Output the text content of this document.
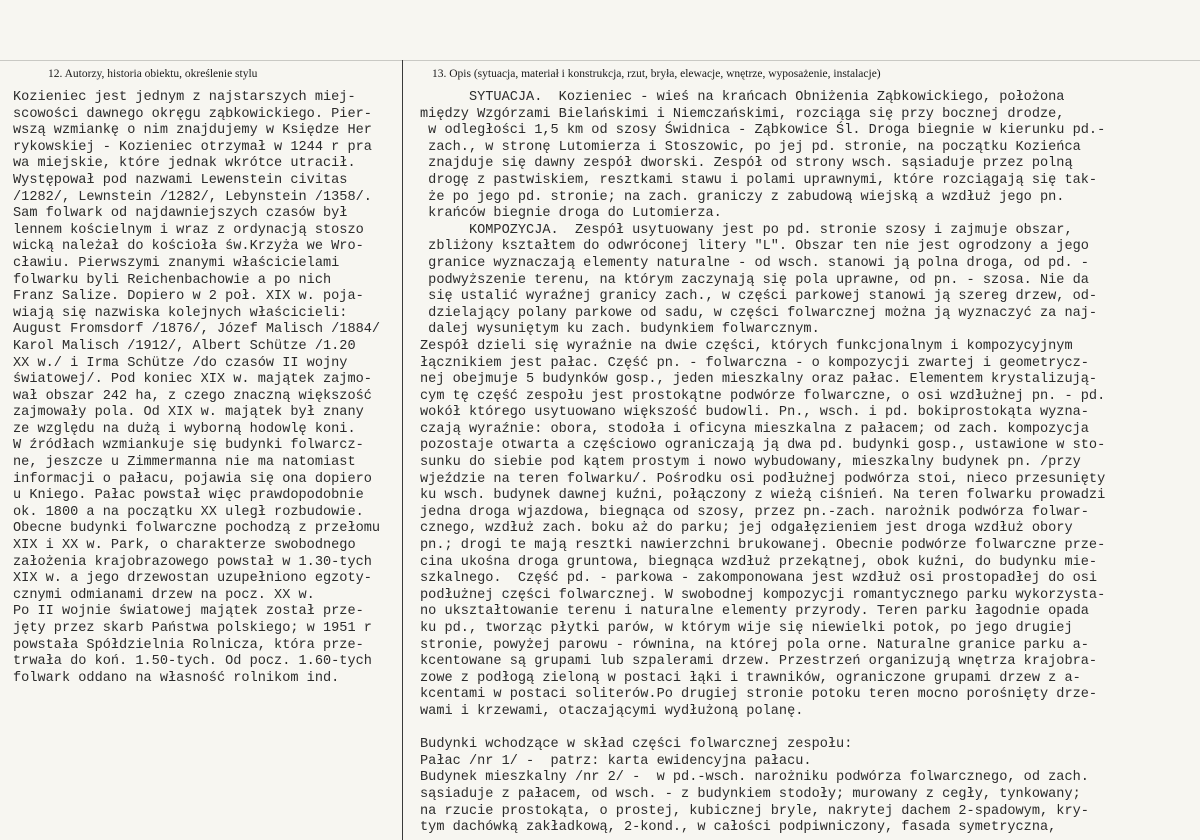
12. Autorzy, historia obiektu, określenie stylu	13. Opis (sytuacja, materiał i konstrukcja, rzut, bryła, elewacje, wnętrze, wyposażenie, instalacje)
Kozieniec jest jednym z najstarszych miej-
scowości dawnego okręgu ząbkowickiego. Pier-
wszą wzmiankę o nim znajdujemy w Księdze Her
rykowskiej - Kozieniec otrzymał w 1244 r pra
wa miejskie, które jednak wkrótce utracił.
Występował pod nazwami Lewenstein civitas
/1282/, Lewnstein /1282/, Lebynstein /1358/.
Sam folwark od najdawniejszych czasów był
lennem kościelnym i wraz z ordynacją stoszo
wicką należał do kościoła św.Krzyża we Wro-
cławiu. Pierwszymi znanymi właścicielami
folwarku byli Reichenbachowie a po nich
Franz Salize. Dopiero w 2 poł. XIX w. poja-
wiają się nazwiska kolejnych właścicieli:
August Fromsdorf /1876/, Józef Malisch /1884/
Karol Malisch /1912/, Albert Schütze /1.20
XX w./ i Irma Schütze /do czasów II wojny
światowej/. Pod koniec XIX w. majątek zajmo-
wał obszar 242 ha, z czego znaczną większość
zajmowały pola. Od XIX w. majątek był znany
ze względu na dużą i wyborną hodowlę koni.
W źródłach wzmiankuje się budynki folwarcz-
ne, jeszcze u Zimmermanna nie ma natomiast
informacji o pałacu, pojawia się ona dopiero
u Kniego. Pałac powstał więc prawdopodobnie
ok. 1800 a na początku XX uległ rozbudowie.
Obecne budynki folwarczne pochodzą z przełomu
XIX i XX w. Park, o charakterze swobodnego
założenia krajobrazowego powstał w 1.30-tych
XIX w. a jego drzewostan uzupełniono egzoty-
cznymi odmianami drzew na pocz. XX w.
Po II wojnie światowej majątek został prze-
jęty przez skarb Państwa polskiego; w 1951 r
powstała Spółdzielnia Rolnicza, która prze-
trwała do koń. 1.50-tych. Od pocz. 1.60-tych
folwark oddano na własność rolnikom ind.
SYTUACJA.  Kozieniec - wieś na krańcach Obniżenia Ząbkowickiego, położona
między Wzgórzami Bielańskimi i Niemczańskimi, rozciąga się przy bocznej drodze,
w odległości 1,5 km od szosy Świdnica - Ząbkowice Śl. Droga biegnie w kierunku pd.-
zach., w stronę Lutomierza i Stoszowic, po jej pd. stronie, na początku Kozieńca
znajduje się dawny zespół dworski. Zespół od strony wsch. sąsiaduje przez polną
drogę z pastwiskiem, resztkami stawu i polami uprawnymi, które rozciągają się tak-
że po jego pd. stronie; na zach. graniczy z zabudową wiejską a wzdłuż jego pn.
krańców biegnie droga do Lutomierza.
KOMPOZYCJA.  Zespół usytuowany jest po pd. stronie szosy i zajmuje obszar,
zbliżony kształtem do odwróconej litery "L". Obszar ten nie jest ogrodzony a jego
granice wyznaczają elementy naturalne - od wsch. stanowi ją polna droga, od pd. -
podwyższenie terenu, na którym zaczynają się pola uprawne, od pn. - szosa. Nie da
się ustalić wyraźnej granicy zach., w części parkowej stanowi ją szereg drzew, od-
dzielający polany parkowe od sadu, w części folwarcznej można ją wyznaczyć za naj-
dalej wysuniętym ku zach. budynkiem folwarcznym.
Zespół dzieli się wyraźnie na dwie części, których funkcjonalnym i kompozycyjnym
łącznikiem jest pałac. Część pn. - folwarczna - o kompozycji zwartej i geometrycz-
nej obejmuje 5 budynków gosp., jeden mieszkalny oraz pałac. Elementem krystalizują-
cym tę część zespołu jest prostokątne podwórze folwarczne, o osi wzdłużnej pn. - pd.
wokół którego usytuowano większość budowli. Pn., wsch. i pd. bokiprostokąta wyzna-
czają wyraźnie: obora, stodoła i oficyna mieszkalna z pałacem; od zach. kompozycja
pozostaje otwarta a częściowo ograniczają ją dwa pd. budynki gosp., ustawione w sto-
sunku do siebie pod kątem prostym i nowo wybudowany, mieszkalny budynek pn. /przy
wjeździe na teren folwarku/. Pośrodku osi podłużnej podwórza stoi, nieco przesunięty
ku wsch. budynek dawnej kuźni, połączony z wieżą ciśnień. Na teren folwarku prowadzi
jedna droga wjazdowa, biegnąca od szosy, przez pn.-zach. narożnik podwórza folwar-
cznego, wzdłuż zach. boku aż do parku; jej odgałęzieniem jest droga wzdłuż obory
pn.; drogi te mają resztki nawierzchni brukowanej. Obecnie podwórze folwarczne prze-
cina ukośna droga gruntowa, biegnąca wzdłuż przekątnej, obok kuźni, do budynku mie-
szkalnego.  Część pd. - parkowa - zakomponowana jest wzdłuż osi prostopadłej do osi
podłużnej części folwarcznej. W swobodnej kompozycji romantycznego parku wykorzysta-
no ukształtowanie terenu i naturalne elementy przyrody. Teren parku łagodnie opada
ku pd., tworząc płytki parów, w którym wije się niewielki potok, po jego drugiej
stronie, powyżej parowu - równina, na której pola orne. Naturalne granice parku a-
kcentowane są grupami lub szpalerami drzew. Przestrzeń organizują wnętrza krajobra-
zowe z podłogą zieloną w postaci łąki i trawników, ograniczone grupami drzew z a-
kcentami w postaci soliterów.Po drugiej stronie potoku teren mocno porośnięty drze-
wami i krzewami, otaczającymi wydłużoną polanę.
Budynki wchodzące w skład części folwarcznej zespołu:
Pałac /nr 1/ -  patrz: karta ewidencyjna pałacu.
Budynek mieszkalny /nr 2/ -  w pd.-wsch. narożniku podwórza folwarcznego, od zach.
sąsiaduje z pałacem, od wsch. - z budynkiem stodoły; murowany z cegły, tynkowany;
na rzucie prostokąta, o prostej, kubicznej bryle, nakrytej dachem 2-spadowym, kry-
tym dachówką zakładkową, 2-kond., w całości podpiwniczony, fasada symetryczna,
